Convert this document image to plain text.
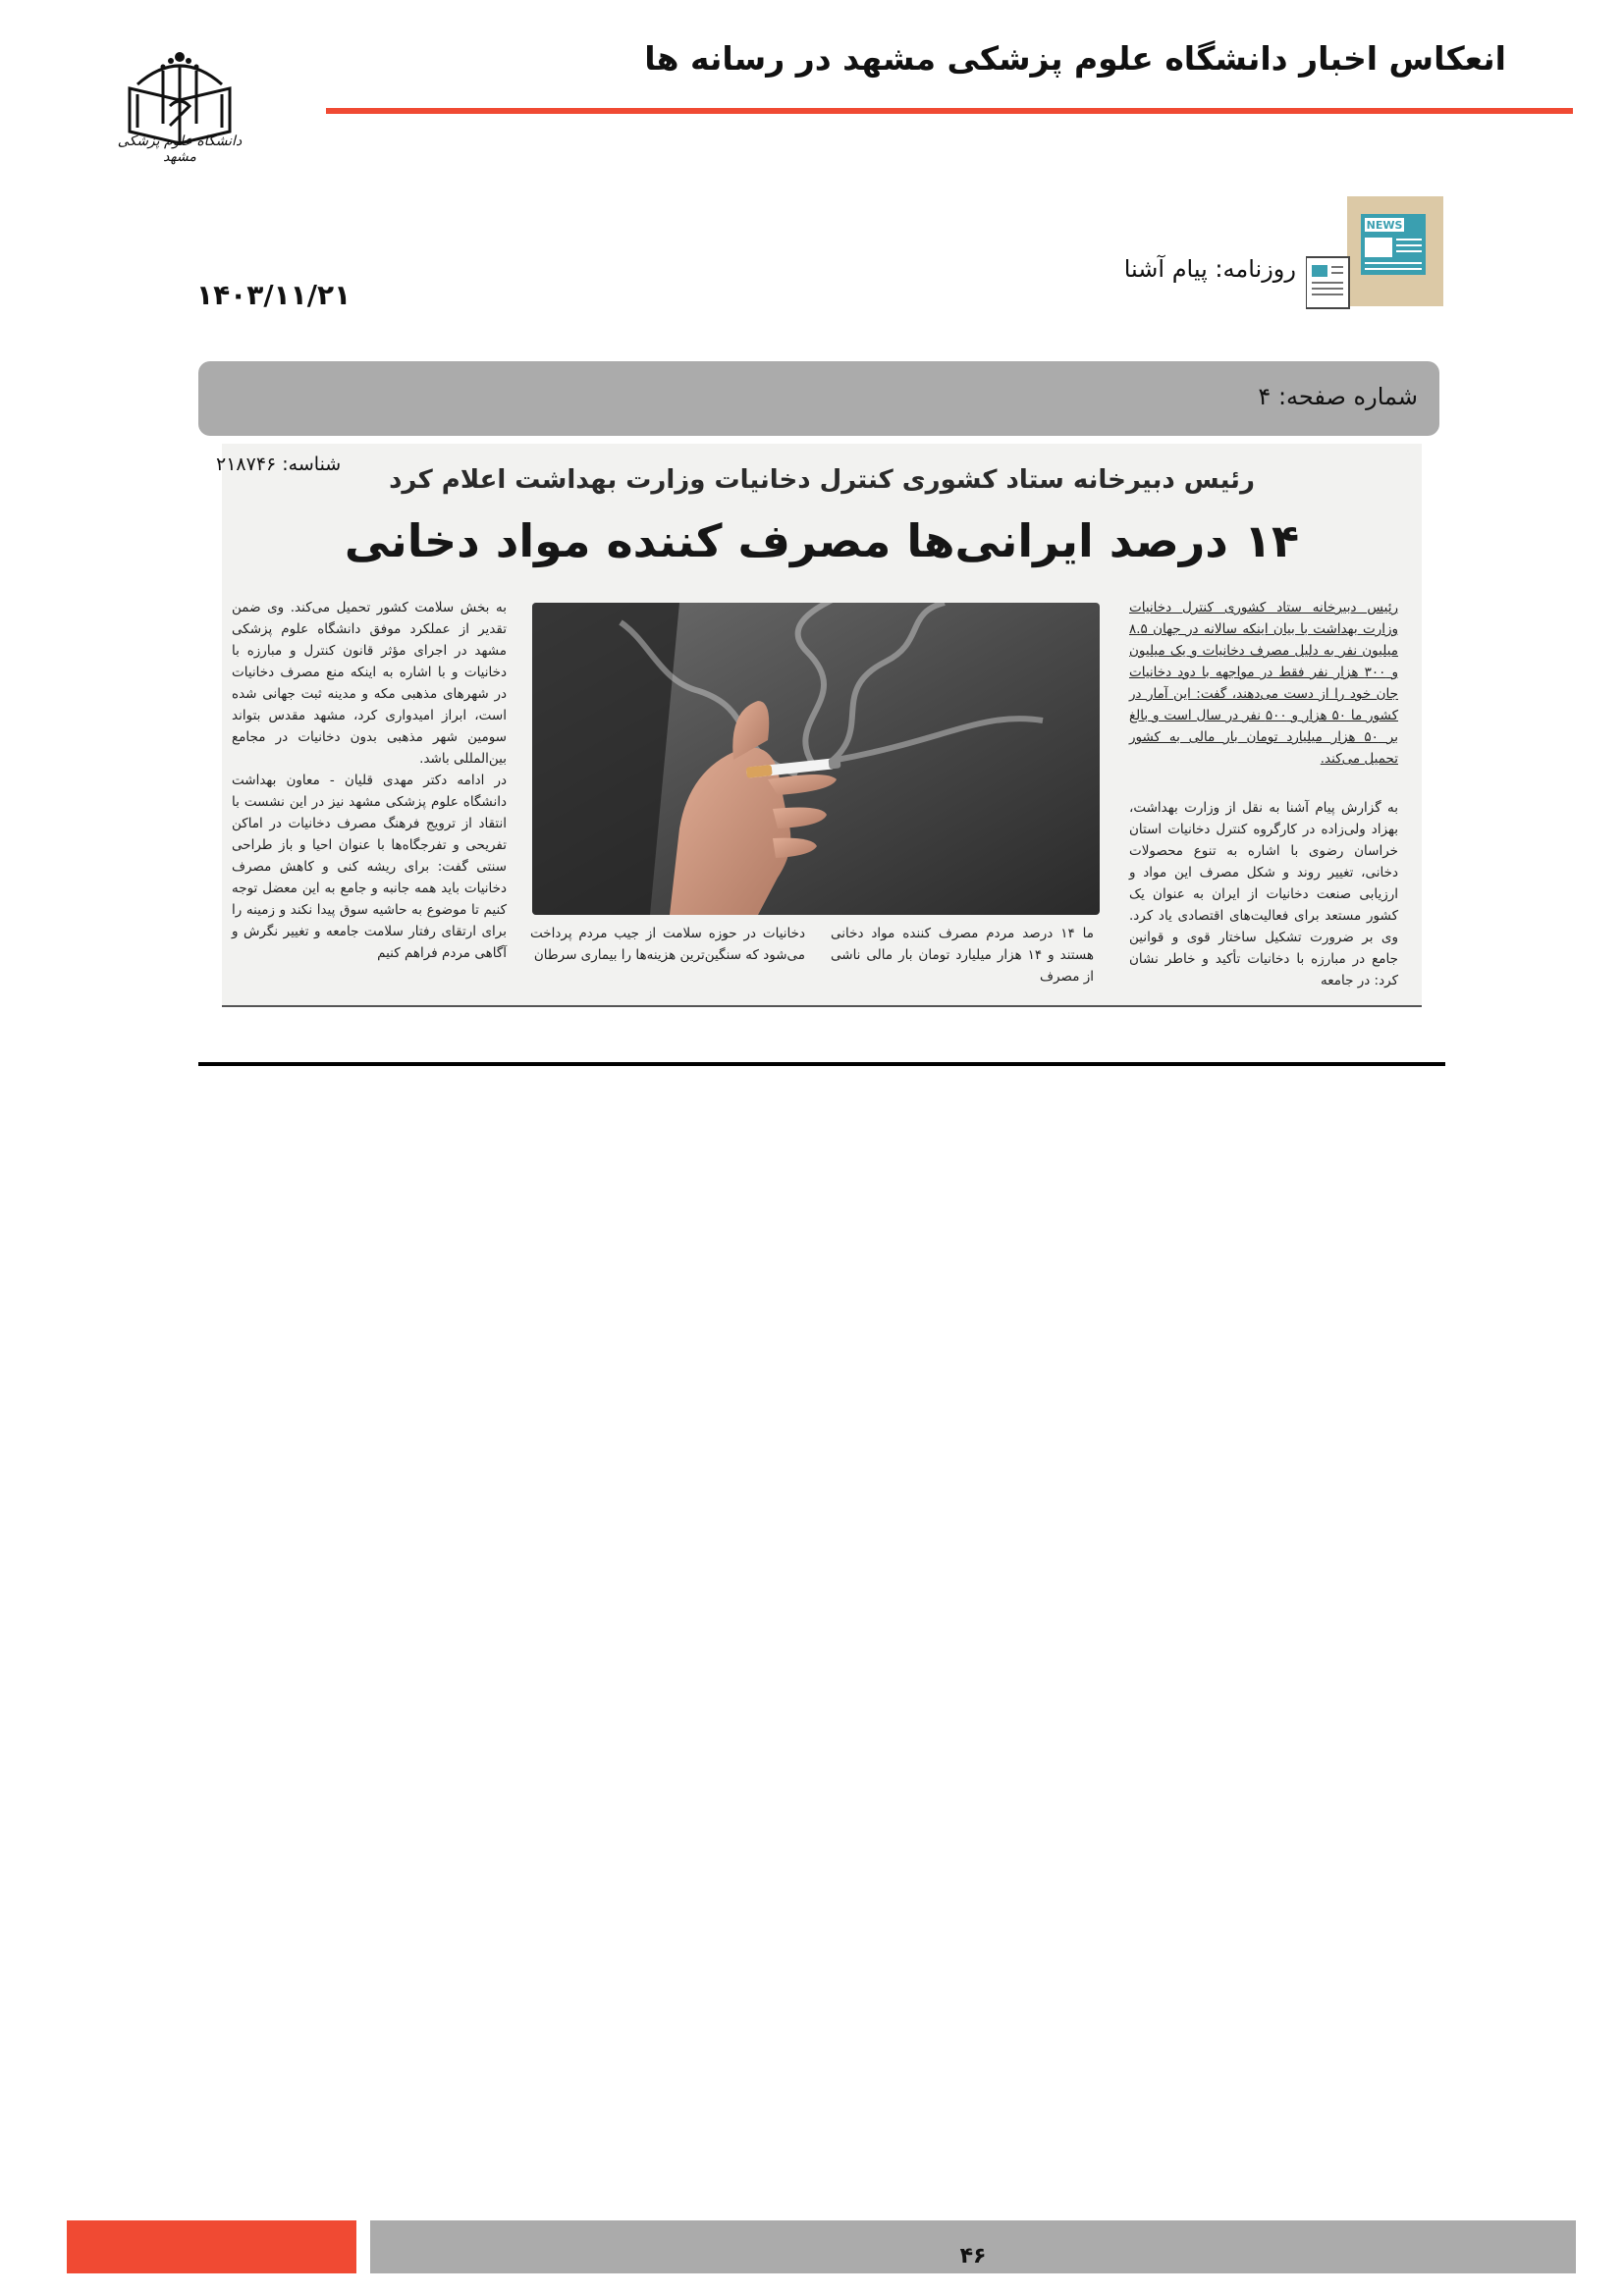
انعکاس اخبار دانشگاه علوم پزشکی مشهد در رسانه ها
دانشگاه علوم پزشکی مشهد
NEWS
روزنامه: پیام آشنا
۱۴۰۳/۱۱/۲۱
شماره صفحه: ۴
شناسه: ۲۱۸۷۴۶
رئیس دبیرخانه ستاد کشوری کنترل دخانیات وزارت بهداشت اعلام کرد
۱۴ درصد ایرانی‌ها مصرف کننده مواد دخانی

رئیس دبیرخانه ستاد کشوری کنترل دخانیات وزارت بهداشت با بیان اینکه سالانه در جهان ۸.۵ میلیون نفر به دلیل مصرف دخانیات و یک میلیون و ۳۰۰ هزار نفر فقط در مواجهه با دود دخانیات جان خود را از دست می‌دهند، گفت: این آمار در کشور ما ۵۰ هزار و ۵۰۰ نفر در سال است و بالغ بر ۵۰ هزار میلیارد تومان بار مالی به کشور تحمیل می‌کند.

به گزارش پیام آشنا به نقل از وزارت بهداشت، بهزاد ولی‌زاده در کارگروه کنترل دخانیات استان خراسان رضوی با اشاره به تنوع محصولات دخانی، تغییر روند و شکل مصرف این مواد و ارزیابی صنعت دخانیات از ایران به عنوان یک کشور مستعد برای فعالیت‌های اقتصادی یاد کرد. وی بر ضرورت تشکیل ساختار قوی و قوانین جامع در مبارزه با دخانیات تأکید و خاطر نشان کرد: در جامعه

ما ۱۴ درصد مردم مصرف کننده مواد دخانی هستند و ۱۴ هزار میلیارد تومان بار مالی ناشی از مصرف
دخانیات در حوزه سلامت از جیب مردم پرداخت می‌شود که سنگین‌ترین هزینه‌ها را بیماری سرطان

به بخش سلامت کشور تحمیل می‌کند. وی ضمن تقدیر از عملکرد موفق دانشگاه علوم پزشکی مشهد در اجرای مؤثر قانون کنترل و مبارزه با دخانیات و با اشاره به اینکه منع مصرف دخانیات در شهرهای مذهبی مکه و مدینه ثبت جهانی شده است، ابراز امیدواری کرد، مشهد مقدس بتواند سومین شهر مذهبی بدون دخانیات در مجامع بین‌المللی باشد.

در ادامه دکتر مهدی قلیان - معاون بهداشت دانشگاه علوم پزشکی مشهد نیز در این نشست با انتقاد از ترویج فرهنگ مصرف دخانیات در اماکن تفریحی و تفرجگاه‌ها با عنوان احیا و باز طراحی سنتی گفت: برای ریشه کنی و کاهش مصرف دخانیات باید همه جانبه و جامع به این معضل توجه کنیم تا موضوع به حاشیه سوق پیدا نکند و زمینه را برای ارتقای رفتار سلامت جامعه و تغییر نگرش و آگاهی مردم فراهم کنیم

۴۶
